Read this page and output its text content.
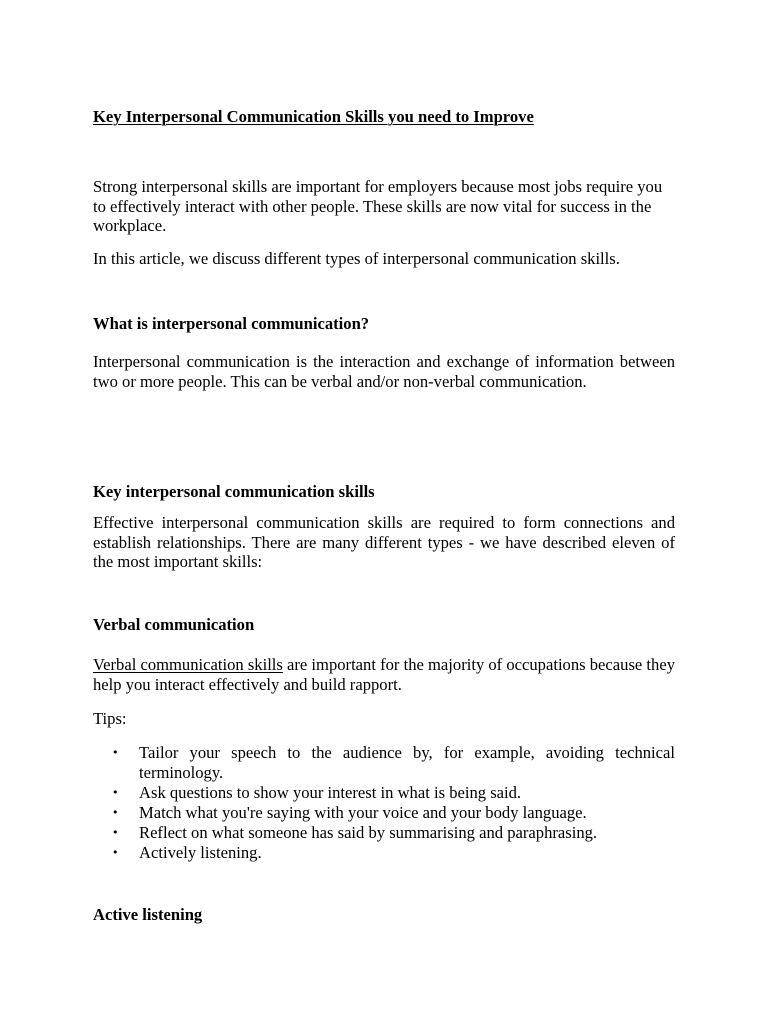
Key Interpersonal Communication Skills you need to Improve

Strong interpersonal skills are important for employers because most jobs require you to effectively interact with other people. These skills are now vital for success in the workplace.

In this article, we discuss different types of interpersonal communication skills.

What is interpersonal communication?

Interpersonal communication is the interaction and exchange of information between two or more people. This can be verbal and/or non-verbal communication.

Key interpersonal communication skills

Effective interpersonal communication skills are required to form connections and establish relationships. There are many different types - we have described eleven of the most important skills:

Verbal communication

Verbal communication skills are important for the majority of occupations because they help you interact effectively and build rapport.

Tips:

• Tailor your speech to the audience by, for example, avoiding technical terminology.
• Ask questions to show your interest in what is being said.
• Match what you're saying with your voice and your body language.
• Reflect on what someone has said by summarising and paraphrasing.
• Actively listening.

Active listening
